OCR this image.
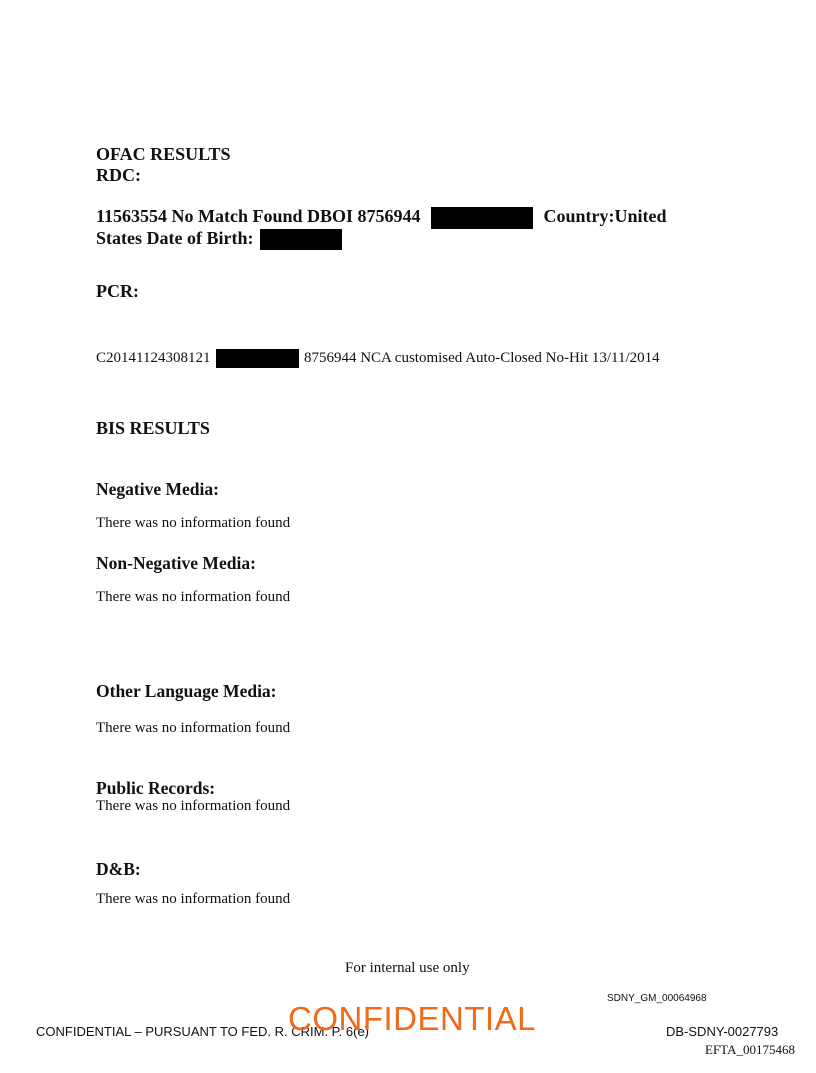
OFAC RESULTS
RDC:
11563554 No Match Found DBOI 8756944	Country:United
States Date of Birth:
PCR:
C20141124308121	8756944 NCA customised Auto-Closed No-Hit 13/11/2014
BIS RESULTS
Negative Media:
There was no information found
Non-Negative Media:
There was no information found
Other Language Media:
There was no information found
Public Records:
There was no information found
D&B:
There was no information found
For internal use only
SDNY_GM_00064968
CONFIDENTIAL – PURSUANT TO FED. R. CRIM. P. 6(e)
CONFIDENTIAL	DB-SDNY-0027793
EFTA_00175468
